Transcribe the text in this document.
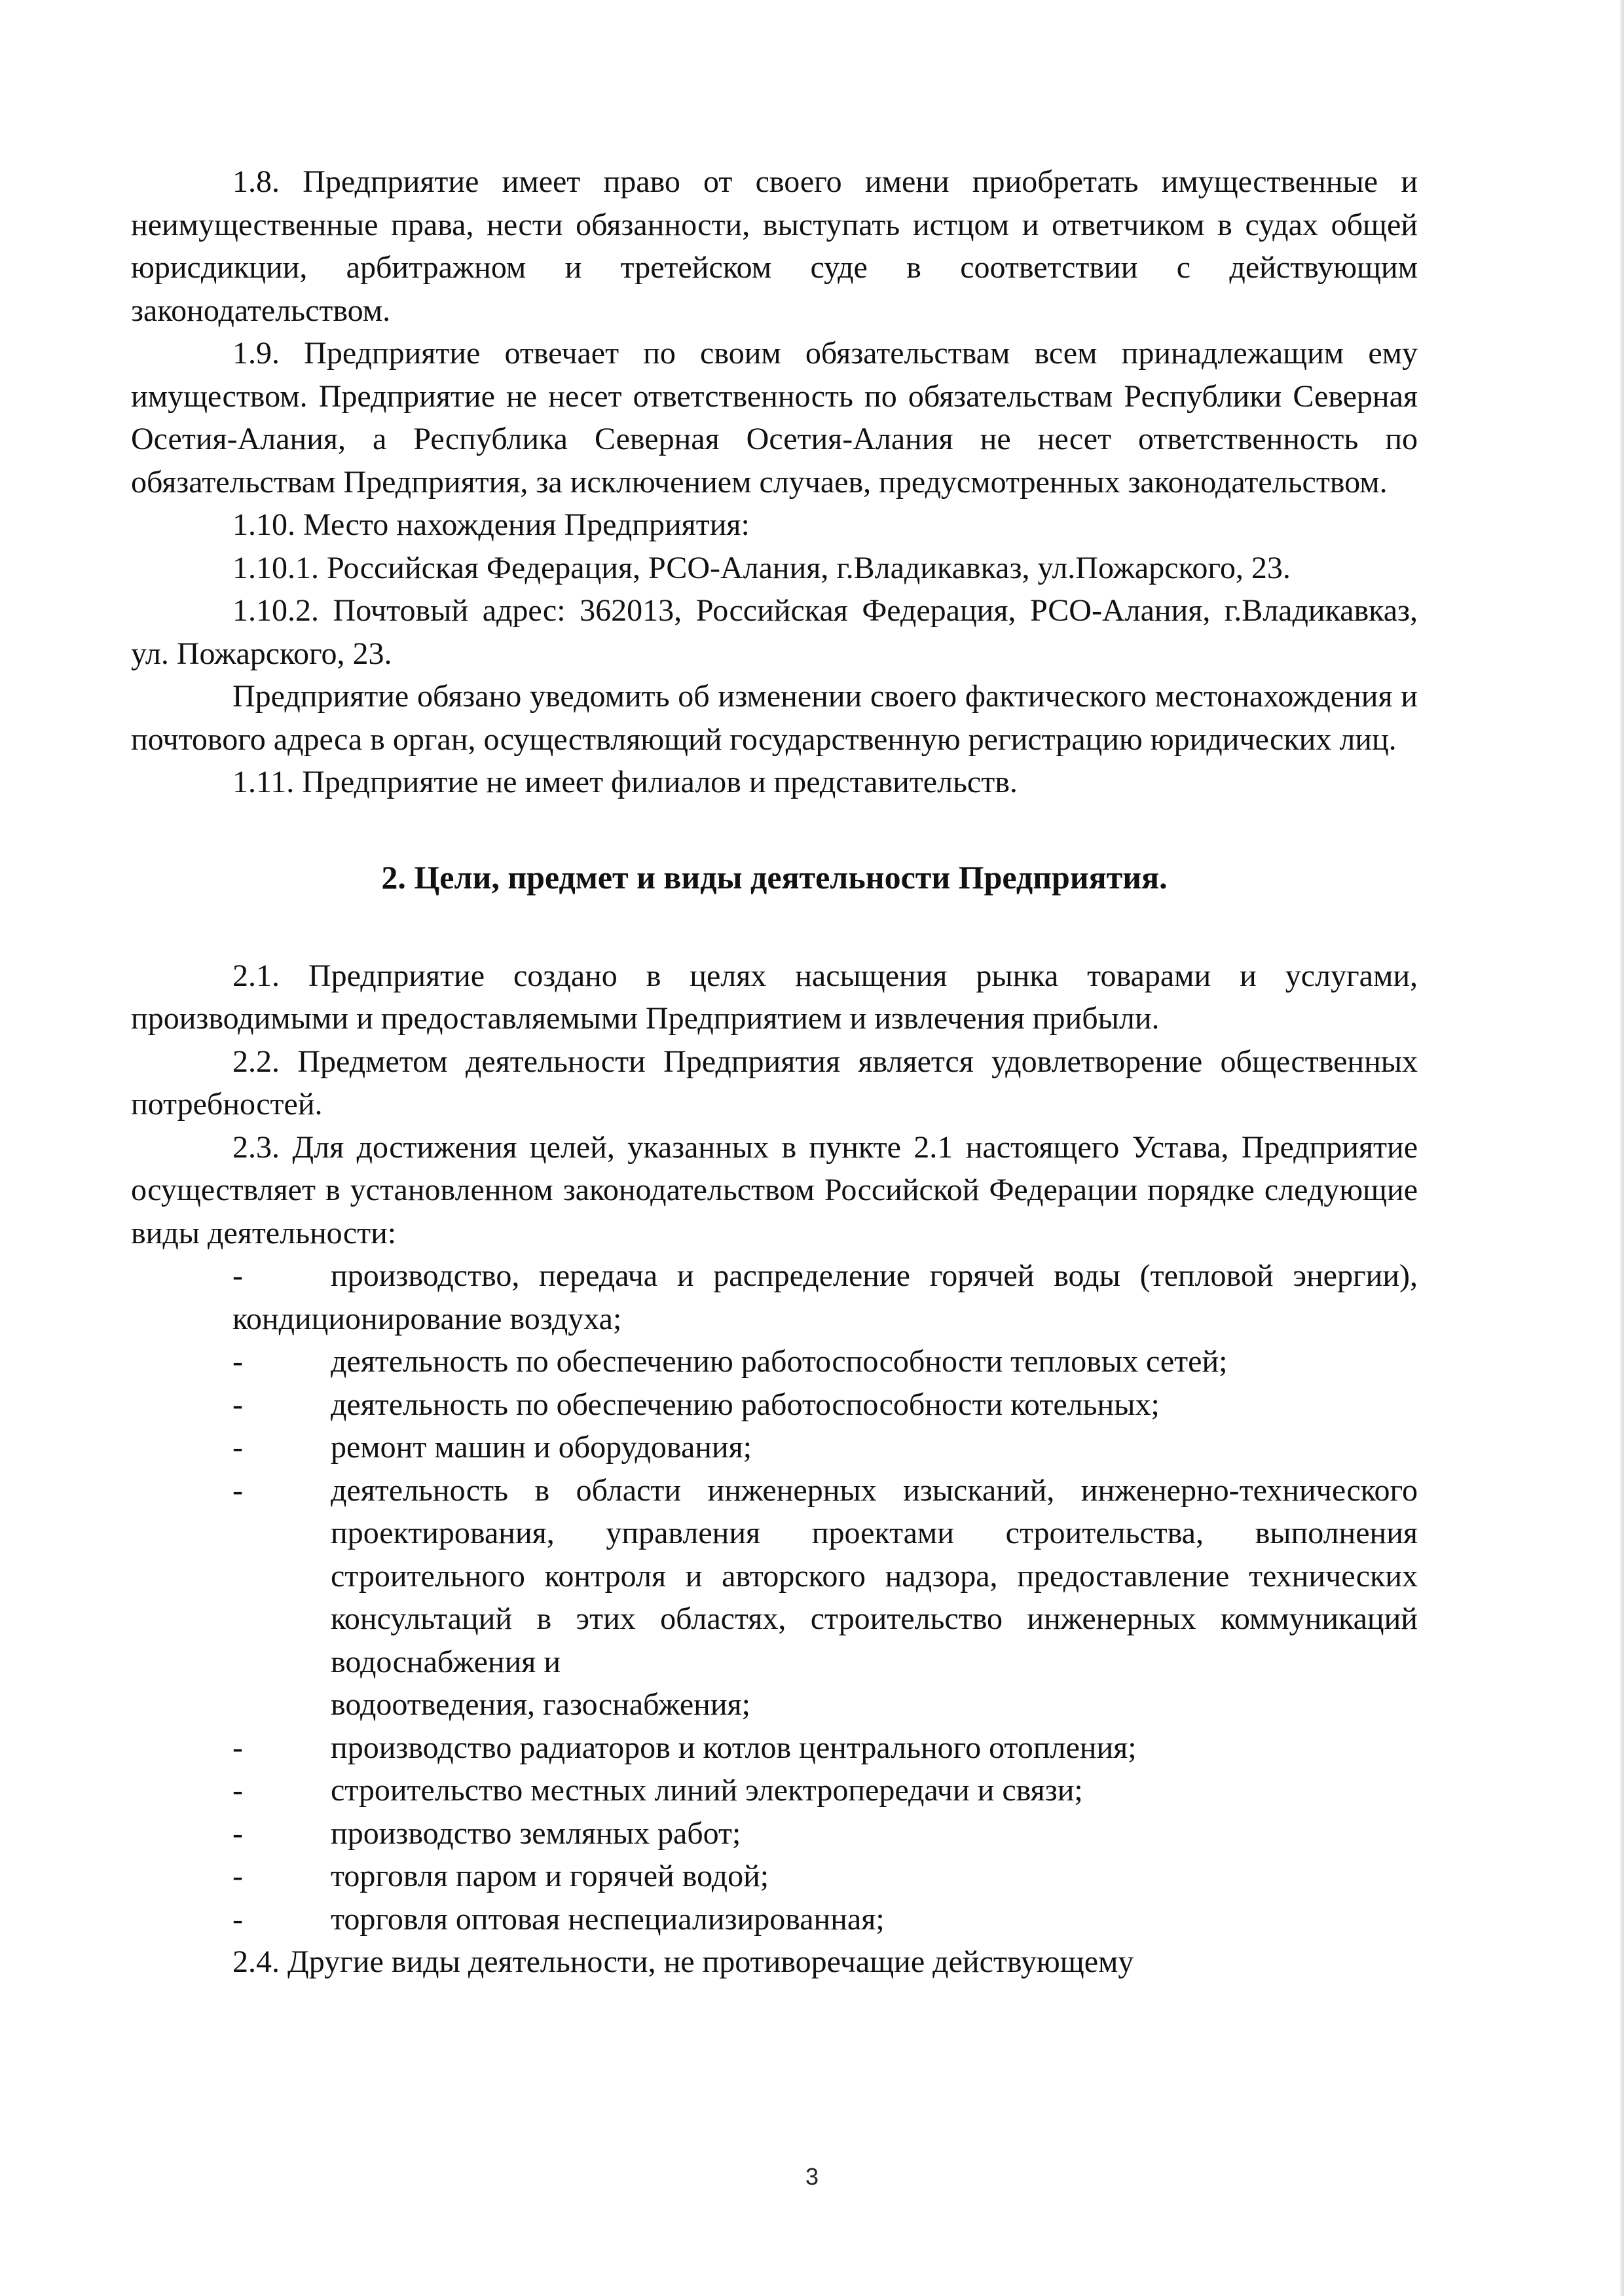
1.8. Предприятие имеет право от своего имени приобретать имущественные и неимущественные права, нести обязанности, выступать истцом и ответчиком в судах общей юрисдикции, арбитражном и третейском суде в соответствии с действующим законодательством.

1.9. Предприятие отвечает по своим обязательствам всем принадлежащим ему имуществом. Предприятие не несет ответственность по обязательствам Республики Северная Осетия-Алания, а Республика Северная Осетия-Алания не несет ответственность по обязательствам Предприятия, за исключением случаев, предусмотренных законодательством.

1.10. Место нахождения Предприятия:

1.10.1. Российская Федерация, РСО-Алания, г.Владикавказ, ул.Пожарского, 23.

1.10.2. Почтовый адрес: 362013, Российская Федерация, РСО-Алания, г.Владикавказ, ул. Пожарского, 23.

Предприятие обязано уведомить об изменении своего фактического местонахождения и почтового адреса в орган, осуществляющий государственную регистрацию юридических лиц.

1.11. Предприятие не имеет филиалов и представительств.

2. Цели, предмет и виды деятельности Предприятия.

2.1. Предприятие создано в целях насыщения рынка товарами и услугами, производимыми и предоставляемыми Предприятием и извлечения прибыли.

2.2. Предметом деятельности Предприятия является удовлетворение общественных потребностей.

2.3. Для достижения целей, указанных в пункте 2.1 настоящего Устава, Предприятие осуществляет в установленном законодательством Российской Федерации порядке следующие виды деятельности:

-	производство, передача и распределение горячей воды (тепловой энергии), кондиционирование воздуха;
-	деятельность по обеспечению работоспособности тепловых сетей;
-	деятельность по обеспечению работоспособности котельных;
-	ремонт машин и оборудования;
-	деятельность в области инженерных изысканий, инженерно-технического проектирования, управления проектами строительства, выполнения строительного контроля и авторского надзора, предоставление технических консультаций в этих областях, строительство инженерных коммуникаций водоснабжения и
водоотведения, газоснабжения;
-	производство радиаторов и котлов центрального отопления;
-	строительство местных линий электропередачи и связи;
-	производство земляных работ;
-	торговля паром и горячей водой;
-	торговля оптовая неспециализированная;

2.4. Другие виды деятельности, не противоречащие действующему

3
